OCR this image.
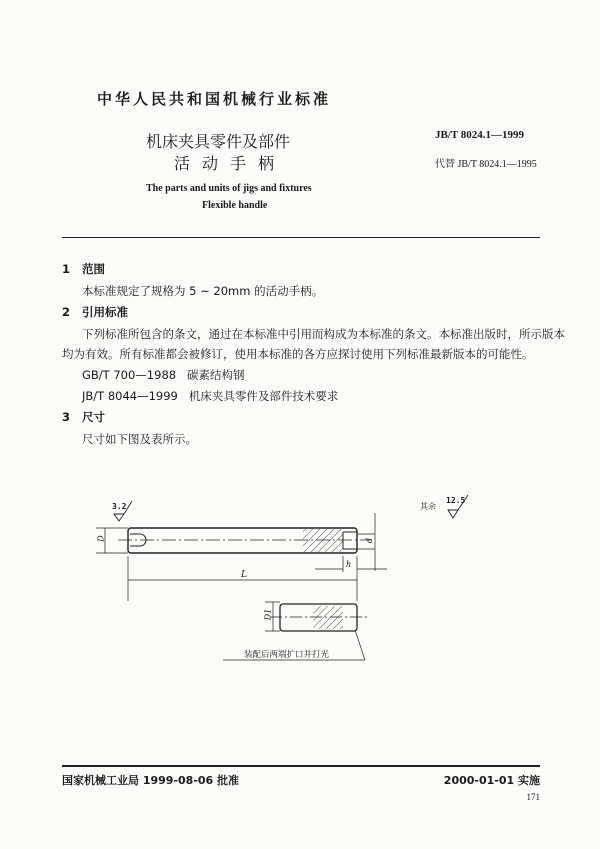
中华人民共和国机械行业标准
机床夹具零件及部件
活动手柄
The parts and units of jigs and fixtures
Flexible handle
JB/T 8024.1—1999
代替 JB/T 8024.1—1995
1 范围
本标准规定了规格为 5 ~ 20mm 的活动手柄。
2 引用标准
下列标准所包含的条文，通过在本标准中引用而构成为本标准的条文。本标准出版时，所示版本
均为有效。所有标准都会被修订，使用本标准的各方应探讨使用下列标准最新版本的可能性。
GB/T 700—1988 碳素结构钢
JB/T 8044—1999 机床夹具零件及部件技术要求
3 尺寸
尺寸如下图及表所示。
3.2	其余
12.5
D	d
L
h
D1
装配后两端扩口并打光
国家机械工业局 1999-08-06 批准	2000-01-01 实施
171
